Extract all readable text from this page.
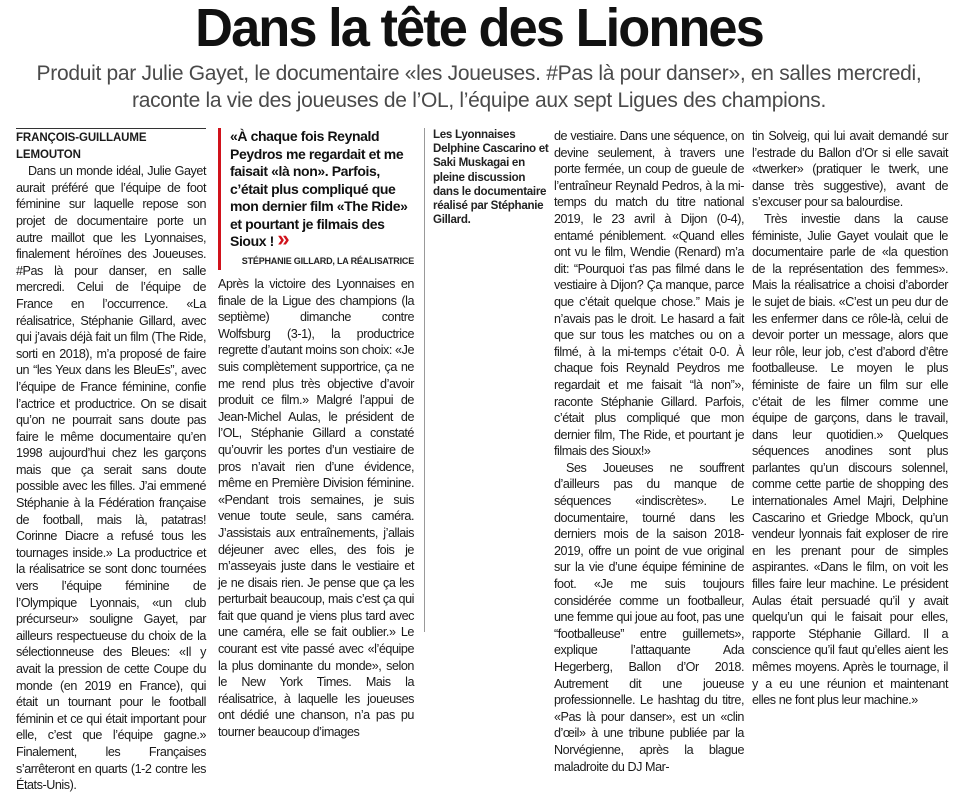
Dans la tête des Lionnes
Produit par Julie Gayet, le documentaire «les Joueuses. #Pas là pour danser», en salles mercredi, raconte la vie des joueuses de l’OL, l’équipe aux sept Ligues des champions.

FRANÇOIS-GUILLAUME LEMOUTON

Dans un monde idéal, Julie Gayet aurait préféré que l’équipe de foot féminine sur laquelle repose son projet de documentaire porte un autre maillot que les Lyonnaises, finalement héroïnes des Joueuses. #Pas là pour danser, en salle mercredi. Celui de l’équipe de France en l’occurrence. «La réalisatrice, Stéphanie Gillard, avec qui j’avais déjà fait un film (The Ride, sorti en 2018), m’a proposé de faire un “les Yeux dans les BleuEs”, avec l’équipe de France féminine, confie l’actrice et productrice. On se disait qu’on ne pourrait sans doute pas faire le même documentaire qu’en 1998 aujourd’hui chez les garçons mais que ça serait sans doute possible avec les filles. J’ai emmené Stéphanie à la Fédération française de football, mais là, patatras! Corinne Diacre a refusé tous les tournages inside.» La productrice et la réalisatrice se sont donc tournées vers l’équipe féminine de l’Olympique Lyonnais, «un club précurseur» souligne Gayet, par ailleurs respectueuse du choix de la sélectionneuse des Bleues: «Il y avait la pression de cette Coupe du monde (en 2019 en France), qui était un tournant pour le football féminin et ce qui était important pour elle, c’est que l’équipe gagne.» Finalement, les Françaises s’arrêteront en quarts (1-2 contre les États-Unis).

«À chaque fois Reynald Peydros me regardait et me faisait «là non». Parfois, c’était plus compliqué que mon dernier film «The Ride» et pourtant je filmais des Sioux ! »
STÉPHANIE GILLARD, LA RÉALISATRICE

Après la victoire des Lyonnaises en finale de la Ligue des champions (la septième) dimanche contre Wolfsburg (3-1), la productrice regrette d’autant moins son choix: «Je suis complètement supportrice, ça ne me rend plus très objective d’avoir produit ce film.» Malgré l’appui de Jean-Michel Aulas, le président de l’OL, Stéphanie Gillard a constaté qu’ouvrir les portes d’un vestiaire de pros n’avait rien d’une évidence, même en Première Division féminine. «Pendant trois semaines, je suis venue toute seule, sans caméra. J’assistais aux entraînements, j’allais déjeuner avec elles, des fois je m’asseyais juste dans le vestiaire et je ne disais rien. Je pense que ça les perturbait beaucoup, mais c’est ça qui fait que quand je viens plus tard avec une caméra, elle se fait oublier.» Le courant est vite passé avec «l’équipe la plus dominante du monde», selon le New York Times. Mais la réalisatrice, à laquelle les joueuses ont dédié une chanson, n’a pas pu tourner beaucoup d’images

Les Lyonnaises Delphine Cascarino et Saki Muskagai en pleine discussion dans le documentaire réalisé par Stéphanie Gillard.

de vestiaire. Dans une séquence, on devine seulement, à travers une porte fermée, un coup de gueule de l’entraîneur Reynald Pedros, à la mi-temps du match du titre national 2019, le 23 avril à Dijon (0-4), entamé péniblement. «Quand elles ont vu le film, Wendie (Renard) m’a dit: “Pourquoi t’as pas filmé dans le vestiaire à Dijon? Ça manque, parce que c’était quelque chose.” Mais je n’avais pas le droit. Le hasard a fait que sur tous les matches ou on a filmé, à la mi-temps c’était 0-0. À chaque fois Reynald Peydros me regardait et me faisait “là non”», raconte Stéphanie Gillard. Parfois, c’était plus compliqué que mon dernier film, The Ride, et pourtant je filmais des Sioux!»

Ses Joueuses ne souffrent d’ailleurs pas du manque de séquences «indiscrètes». Le documentaire, tourné dans les derniers mois de la saison 2018-2019, offre un point de vue original sur la vie d’une équipe féminine de foot. «Je me suis toujours considérée comme un footballeur, une femme qui joue au foot, pas une “footballeuse” entre guillemets», explique l’attaquante Ada Hegerberg, Ballon d’Or 2018. Autrement dit une joueuse professionnelle. Le hashtag du titre, «Pas là pour danser», est un «clin d’œil» à une tribune publiée par la Norvégienne, après la blague maladroite du DJ Mar-

tin Solveig, qui lui avait demandé sur l’estrade du Ballon d’Or si elle savait «twerker» (pratiquer le twerk, une danse très suggestive), avant de s’excuser pour sa balourdise.

Très investie dans la cause féministe, Julie Gayet voulait que le documentaire parle de «la question de la représentation des femmes». Mais la réalisatrice a choisi d’aborder le sujet de biais. «C’est un peu dur de les enfermer dans ce rôle-là, celui de devoir porter un message, alors que leur rôle, leur job, c’est d’abord d’être footballeuse. Le moyen le plus féministe de faire un film sur elle c’était de les filmer comme une équipe de garçons, dans le travail, dans leur quotidien.» Quelques séquences anodines sont plus parlantes qu’un discours solennel, comme cette partie de shopping des internationales Amel Majri, Delphine Cascarino et Griedge Mbock, qu’un vendeur lyonnais fait exploser de rire en les prenant pour de simples aspirantes. «Dans le film, on voit les filles faire leur machine. Le président Aulas était persuadé qu’il y avait quelqu’un qui le faisait pour elles, rapporte Stéphanie Gillard. Il a conscience qu’il faut qu’elles aient les mêmes moyens. Après le tournage, il y a eu une réunion et maintenant elles ne font plus leur machine.»
